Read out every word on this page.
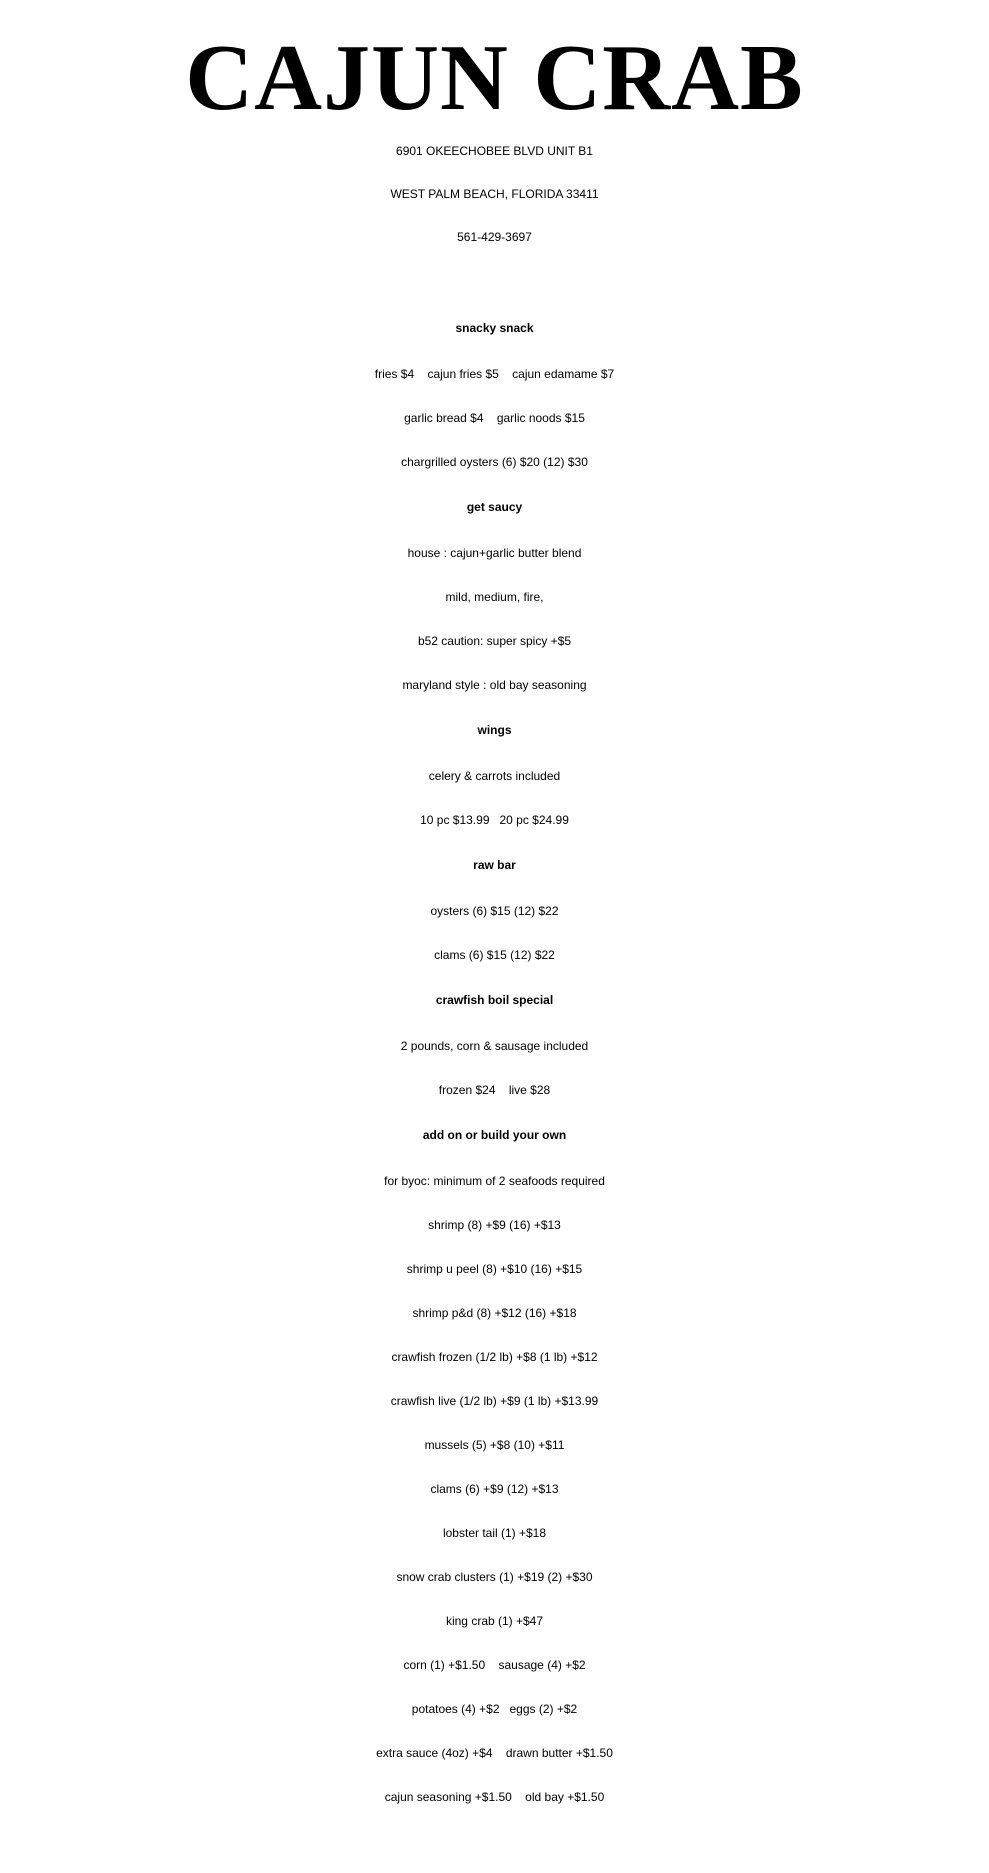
CAJUN CRAB
6901 OKEECHOBEE BLVD UNIT B1
WEST PALM BEACH, FLORIDA 33411
561-429-3697
snacky snack
fries $4    cajun fries $5    cajun edamame $7
garlic bread $4    garlic noods $15
chargrilled oysters (6) $20 (12) $30
get saucy
house : cajun+garlic butter blend
mild, medium, fire,
b52 caution: super spicy +$5
maryland style : old bay seasoning
wings
celery & carrots included
10 pc $13.99   20 pc $24.99
raw bar
oysters (6) $15 (12) $22
clams (6) $15 (12) $22
crawfish boil special
2 pounds, corn & sausage included
frozen $24    live $28
add on or build your own
for byoc: minimum of 2 seafoods required
shrimp (8) +$9 (16) +$13
shrimp u peel (8) +$10 (16) +$15
shrimp p&d (8) +$12 (16) +$18
crawfish frozen (1/2 lb) +$8 (1 lb) +$12
crawfish live (1/2 lb) +$9 (1 lb) +$13.99
mussels (5) +$8 (10) +$11
clams (6) +$9 (12) +$13
lobster tail (1) +$18
snow crab clusters (1) +$19 (2) +$30
king crab (1) +$47
corn (1) +$1.50    sausage (4) +$2
potatoes (4) +$2   eggs (2) +$2
extra sauce (4oz) +$4    drawn butter +$1.50
cajun seasoning +$1.50    old bay +$1.50
